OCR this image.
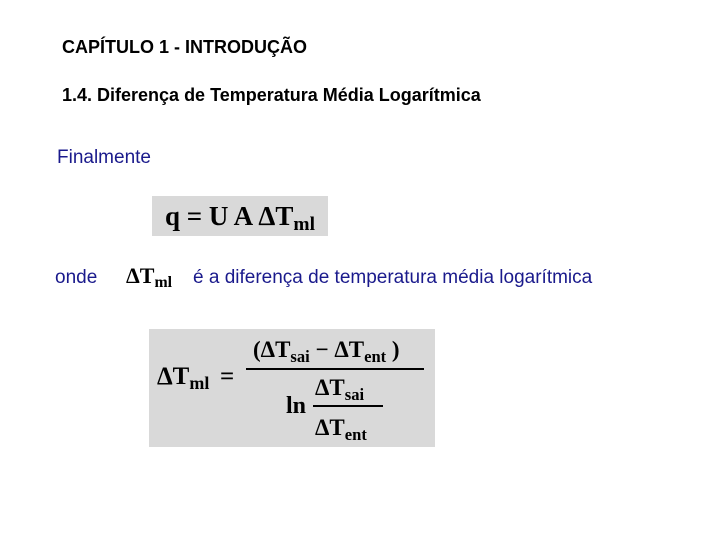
CAPÍTULO 1 - INTRODUÇÃO
1.4. Diferença de Temperatura Média Logarítmica
Finalmente
q = U A $\Delta T_{ml}$
onde $\Delta T_{ml}$ é a diferença de temperatura média logarítmica
$\Delta T_{ml}$ =
($\Delta T_{sai} - \Delta T_{ent}$ )
ln
$\Delta T_{sai}$
$\Delta T_{ent}$
